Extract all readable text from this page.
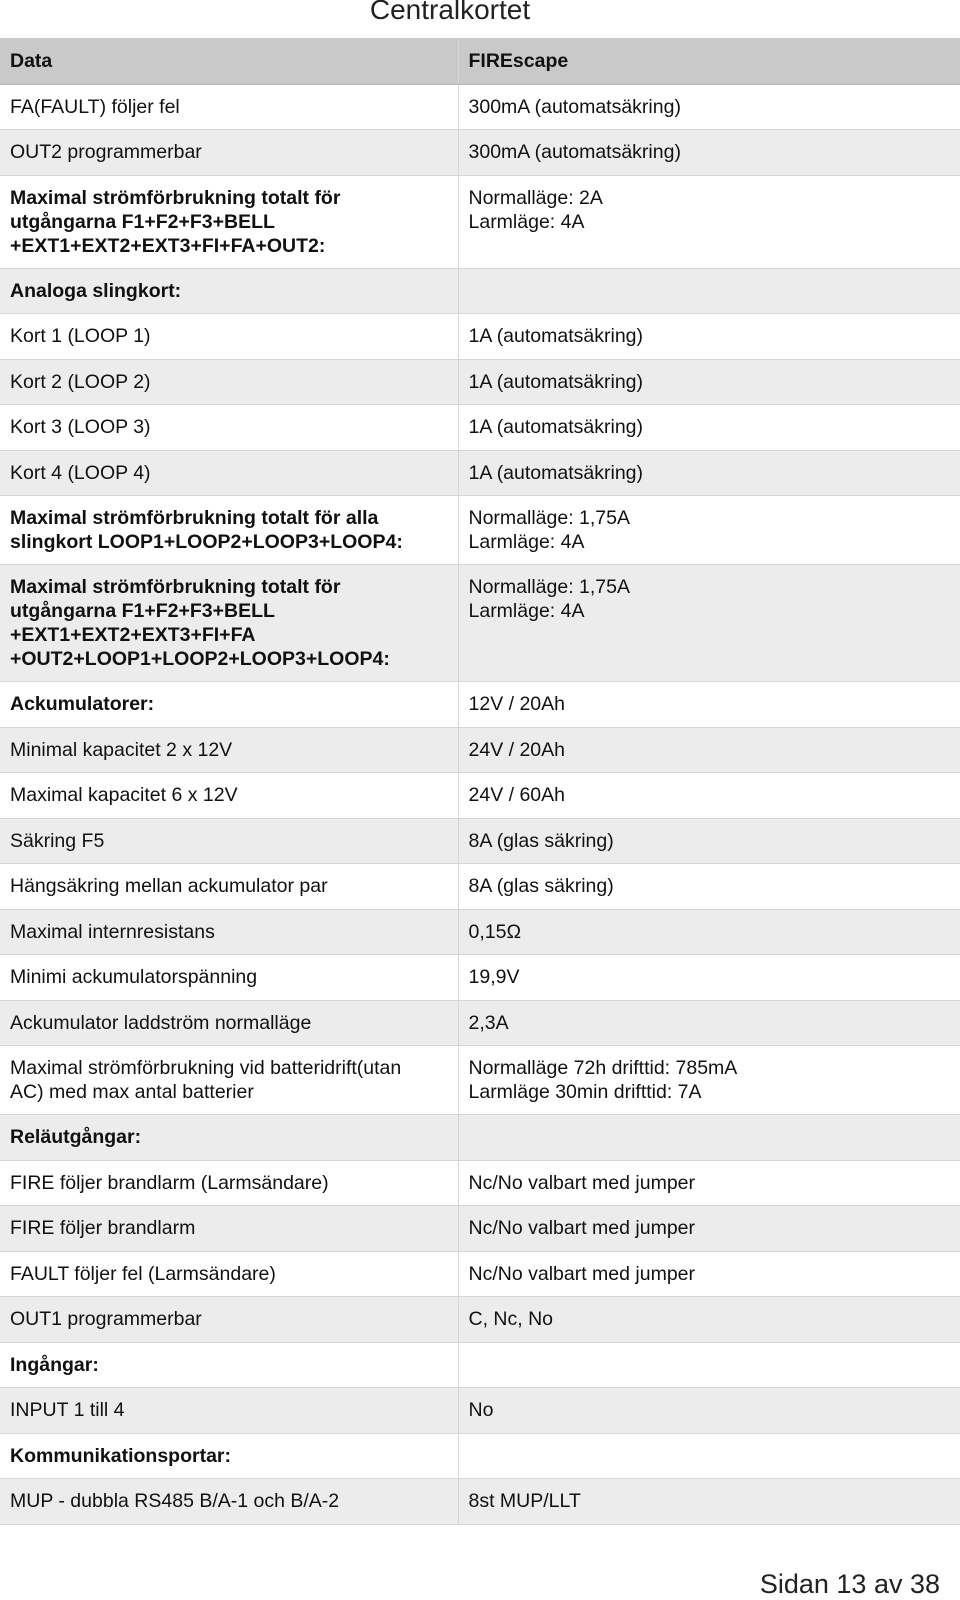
Centralkortet
Data	FIREscape
FA(FAULT) följer fel	300mA (automatsäkring)
OUT2 programmerbar	300mA (automatsäkring)
Maximal strömförbrukning totalt för
utgångarna F1+F2+F3+BELL
+EXT1+EXT2+EXT3+FI+FA+OUT2:	Normalläge: 2A
Larmläge: 4A
Analoga slingkort:	
Kort 1 (LOOP 1)	1A (automatsäkring)
Kort 2 (LOOP 2)	1A (automatsäkring)
Kort 3 (LOOP 3)	1A (automatsäkring)
Kort 4 (LOOP 4)	1A (automatsäkring)
Maximal strömförbrukning totalt för alla
slingkort LOOP1+LOOP2+LOOP3+LOOP4:	Normalläge: 1,75A
Larmläge: 4A
Maximal strömförbrukning totalt för
utgångarna F1+F2+F3+BELL
+EXT1+EXT2+EXT3+FI+FA
+OUT2+LOOP1+LOOP2+LOOP3+LOOP4:	Normalläge: 1,75A
Larmläge: 4A
Ackumulatorer:	12V / 20Ah
Minimal kapacitet 2 x 12V	24V / 20Ah
Maximal kapacitet 6 x 12V	24V / 60Ah
Säkring F5	8A (glas säkring)
Hängsäkring mellan ackumulator par	8A (glas säkring)
Maximal internresistans	0,15Ω
Minimi ackumulatorspänning	19,9V
Ackumulator laddström normalläge	2,3A
Maximal strömförbrukning vid batteridrift(utan
AC) med max antal batterier	Normalläge 72h drifttid: 785mA
Larmläge 30min drifttid: 7A
Reläutgångar:	
FIRE följer brandlarm (Larmsändare)	Nc/No valbart med jumper
FIRE följer brandlarm	Nc/No valbart med jumper
FAULT följer fel (Larmsändare)	Nc/No valbart med jumper
OUT1 programmerbar	C, Nc, No
Ingångar:	
INPUT 1 till 4	No
Kommunikationsportar:	
MUP - dubbla RS485 B/A-1 och B/A-2	8st MUP/LLT
Sidan 13 av 38
